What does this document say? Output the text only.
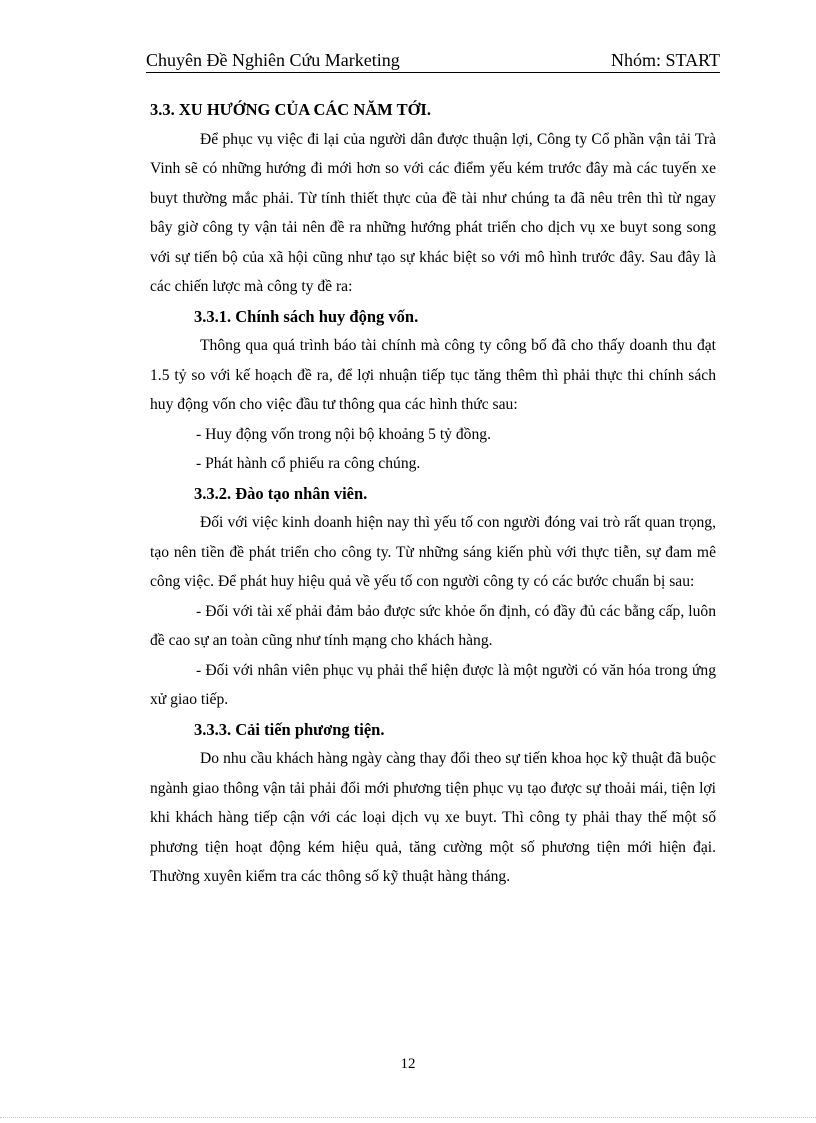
Chuyên Đề Nghiên Cứu Marketing	Nhóm: START

3.3. XU HƯỚNG CỦA CÁC NĂM TỚI.

Để phục vụ việc đi lại của người dân được thuận lợi, Công ty Cổ phần vận tải Trà Vinh sẽ có những hướng đi mới hơn so với các điểm yếu kém trước đây mà các tuyến xe buyt thường mắc phải. Từ tính thiết thực của đề tài như chúng ta đã nêu trên thì từ ngay bây giờ công ty vận tải nên đề ra những hướng phát triển cho dịch vụ xe buyt song song với sự tiến bộ của xã hội cũng như tạo sự khác biệt so với mô hình trước đây. Sau đây là các chiến lược mà công ty đề ra:

3.3.1. Chính sách huy động vốn.

Thông qua quá trình báo tài chính mà công ty công bố đã cho thấy doanh thu đạt 1.5 tỷ so với kế hoạch đề ra, để lợi nhuận tiếp tục tăng thêm thì phải thực thi chính sách huy động vốn cho việc đầu tư thông qua các hình thức sau:

- Huy động vốn trong nội bộ khoảng 5 tỷ đồng.

- Phát hành cổ phiếu ra công chúng.

3.3.2. Đào tạo nhân viên.

Đối với việc kinh doanh hiện nay thì yếu tố con người đóng vai trò rất quan trọng, tạo nên tiền đề phát triển cho công ty. Từ những sáng kiến phù với thực tiễn, sự đam mê công việc. Để phát huy hiệu quả về yếu tố con người công ty có các bước chuẩn bị sau:

- Đối với tài xế phải đảm bảo được sức khỏe ổn định, có đầy đủ các bằng cấp, luôn đề cao sự an toàn cũng như tính mạng cho khách hàng.

- Đối với nhân viên phục vụ phải thể hiện được là một người có văn hóa trong ứng xử giao tiếp.

3.3.3. Cải tiến phương tiện.

Do nhu cầu khách hàng ngày càng thay đổi theo sự tiến khoa học kỹ thuật đã buộc ngành giao thông vận tải phải đổi mới phương tiện phục vụ tạo được sự thoải mái, tiện lợi khi khách hàng tiếp cận với các loại dịch vụ xe buyt. Thì công ty phải thay thế một số phương tiện hoạt động kém hiệu quả, tăng cường một số phương tiện mới hiện đại. Thường xuyên kiểm tra các thông số kỹ thuật hàng tháng.

12
